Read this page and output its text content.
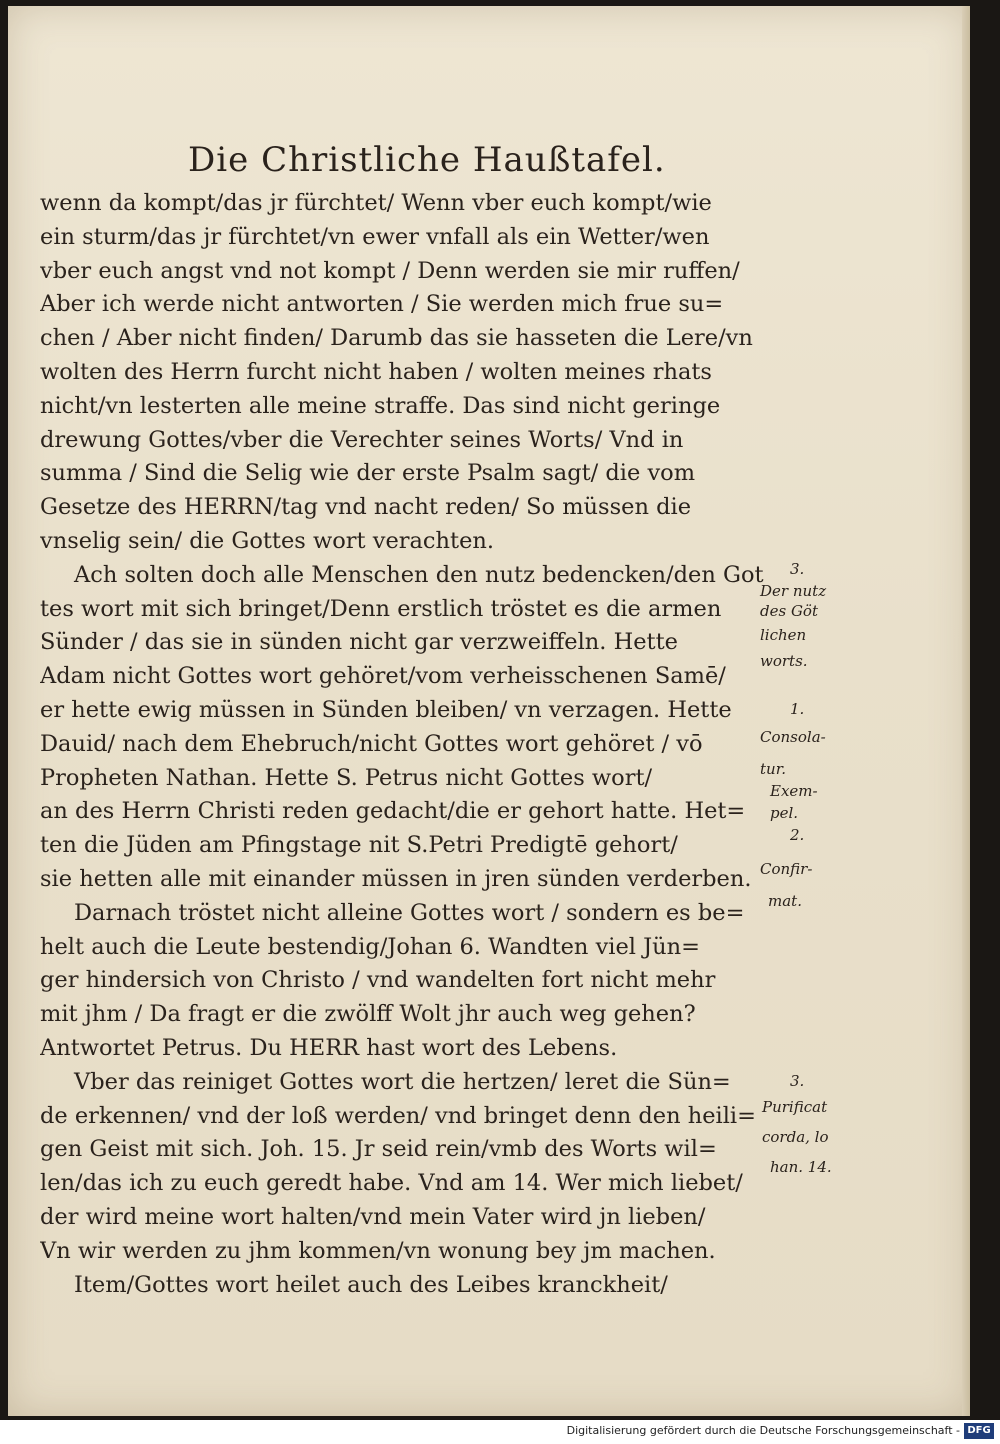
Die Christliche Haußtafel.
wenn da kompt/das jr fürchtet/ Wenn vber euch kompt/wie
ein sturm/das jr fürchtet/vn ewer vnfall als ein Wetter/wen
vber euch angst vnd not kompt / Denn werden sie mir ruffen/
Aber ich werde nicht antworten / Sie werden mich frue su=
chen / Aber nicht finden/ Darumb das sie hasseten die Lere/vn
wolten des Herrn furcht nicht haben / wolten meines rhats
nicht/vn lesterten alle meine straffe. Das sind nicht geringe
drewung Gottes/vber die Verechter seines Worts/ Vnd in
summa / Sind die Selig wie der erste Psalm sagt/ die vom
Gesetze des HERRN/tag vnd nacht reden/ So müssen die
vnselig sein/ die Gottes wort verachten.
Ach solten doch alle Menschen den nutz bedencken/den Got
tes wort mit sich bringet/Denn erstlich tröstet es die armen
Sünder / das sie in sünden nicht gar verzweiffeln. Hette
Adam nicht Gottes wort gehöret/vom verheisschenen Samē/
er hette ewig müssen in Sünden bleiben/ vn verzagen. Hette
Dauid/ nach dem Ehebruch/nicht Gottes wort gehöret / vō
Propheten Nathan. Hette S. Petrus nicht Gottes wort/
an des Herrn Christi reden gedacht/die er gehort hatte. Het=
ten die Jüden am Pfingstage nit S.Petri Predigtē gehort/
sie hetten alle mit einander müssen in jren sünden verderben.
Darnach tröstet nicht alleine Gottes wort / sondern es be=
helt auch die Leute bestendig/Johan 6. Wandten viel Jün=
ger hindersich von Christo / vnd wandelten fort nicht mehr
mit jhm / Da fragt er die zwölff Wolt jhr auch weg gehen?
Antwortet Petrus. Du HERR hast wort des Lebens.
Vber das reiniget Gottes wort die hertzen/ leret die Sün=
de erkennen/ vnd der loß werden/ vnd bringet denn den heili=
gen Geist mit sich. Joh. 15. Jr seid rein/vmb des Worts wil=
len/das ich zu euch geredt habe. Vnd am 14. Wer mich liebet/
der wird meine wort halten/vnd mein Vater wird jn lieben/
Vn wir werden zu jhm kommen/vn wonung bey jm machen.
Item/Gottes wort heilet auch des Leibes kranckheit/
3.
Der nutz
des Göt
lichen
worts.
1.
Consola-
tur.
Exem-
pel.
2.
Confir-
mat.
3.
Purificat
corda, lo
han. 14.
Digitalisierung gefördert durch die Deutsche Forschungsgemeinschaft - DFG
